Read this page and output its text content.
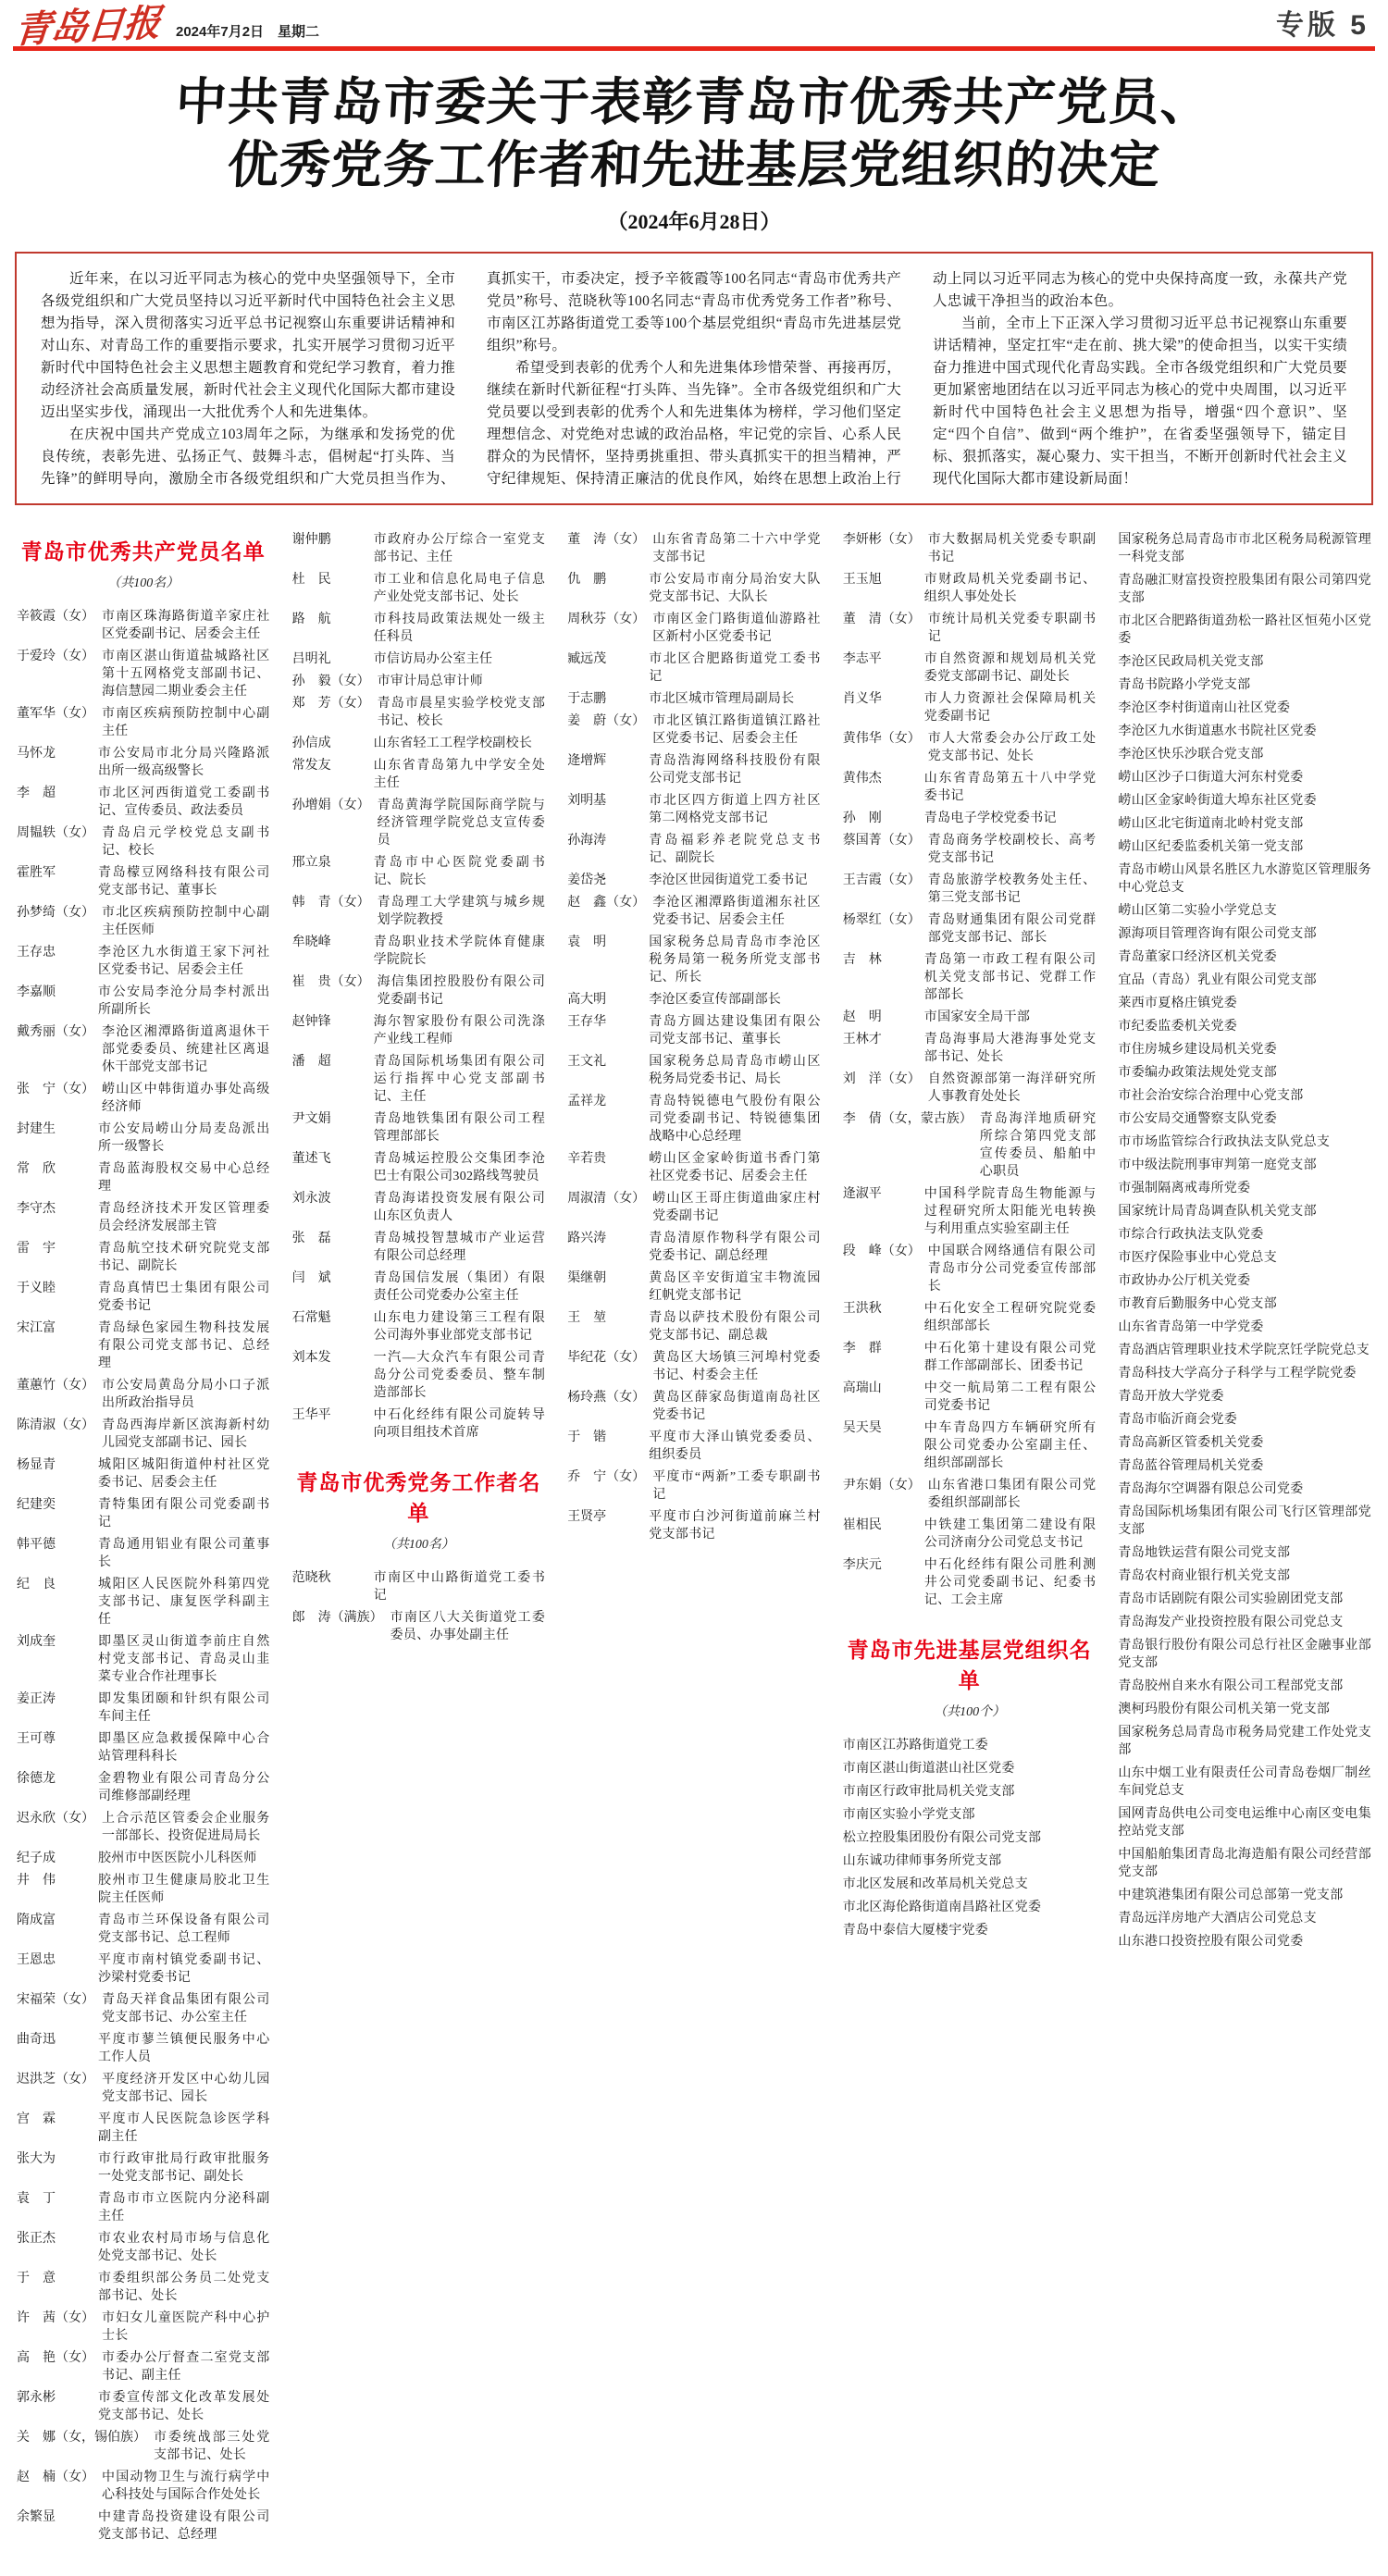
青岛日报 2024年7月2日　星期二	专版 5
中共青岛市委关于表彰青岛市优秀共产党员、
优秀党务工作者和先进基层党组织的决定
（2024年6月28日）

近年来，在以习近平同志为核心的党中央坚强领导下，全市各级党组织和广大党员坚持以习近平新时代中国特色社会主义思想为指导，深入贯彻落实习近平总书记视察山东重要讲话精神和对山东、对青岛工作的重要指示要求，扎实开展学习贯彻习近平新时代中国特色社会主义思想主题教育和党纪学习教育，着力推动经济社会高质量发展，新时代社会主义现代化国际大都市建设迈出坚实步伐，涌现出一大批优秀个人和先进集体。

在庆祝中国共产党成立103周年之际，为继承和发扬党的优良传统，表彰先进、弘扬正气、鼓舞斗志，倡树起“打头阵、当先锋”的鲜明导向，激励全市各级党组织和广大党员担当作为、真抓实干，市委决定，授予辛筱霞等100名同志“青岛市优秀共产党员”称号、范晓秋等100名同志“青岛市优秀党务工作者”称号、市南区江苏路街道党工委等100个基层党组织“青岛市先进基层党组织”称号。

希望受到表彰的优秀个人和先进集体珍惜荣誉、再接再厉，继续在新时代新征程“打头阵、当先锋”。全市各级党组织和广大党员要以受到表彰的优秀个人和先进集体为榜样，学习他们坚定理想信念、对党绝对忠诚的政治品格，牢记党的宗旨、心系人民群众的为民情怀，坚持勇挑重担、带头真抓实干的担当精神，严守纪律规矩、保持清正廉洁的优良作风，始终在思想上政治上行动上同以习近平同志为核心的党中央保持高度一致，永葆共产党人忠诚干净担当的政治本色。

当前，全市上下正深入学习贯彻习近平总书记视察山东重要讲话精神，坚定扛牢“走在前、挑大梁”的使命担当，以实干实绩奋力推进中国式现代化青岛实践。全市各级党组织和广大党员要更加紧密地团结在以习近平同志为核心的党中央周围，以习近平新时代中国特色社会主义思想为指导，增强“四个意识”、坚定“四个自信”、做到“两个维护”，在省委坚强领导下，锚定目标、狠抓落实，凝心聚力、实干担当，不断开创新时代社会主义现代化国际大都市建设新局面！

青岛市优秀共产党员名单
（共100名）
辛筱霞（女） 市南区珠海路街道辛家庄社区党委副书记、居委会主任
于爱玲（女） 市南区湛山街道盐城路社区第十五网格党支部副书记、海信慧园二期业委会主任
董军华（女） 市南区疾病预防控制中心副主任
马怀龙	市公安局市北分局兴隆路派出所一级高级警长
李　超	市北区河西街道党工委副书记、宣传委员、政法委员
周韫轶（女） 青岛启元学校党总支副书记、校长
霍胜军	青岛檬豆网络科技有限公司党支部书记、董事长
孙梦绮（女） 市北区疾病预防控制中心副主任医师
王存忠	李沧区九水街道王家下河社区党委书记、居委会主任
李嘉顺	市公安局李沧分局李村派出所副所长
戴秀丽（女） 李沧区湘潭路街道离退休干部党委委员、统建社区离退休干部党支部书记
张　宁（女） 崂山区中韩街道办事处高级经济师
封建生	市公安局崂山分局麦岛派出所一级警长
常　欣	青岛蓝海股权交易中心总经理
李守杰	青岛经济技术开发区管理委员会经济发展部主管
雷　宇	青岛航空技术研究院党支部书记、副院长
于义睦	青岛真情巴士集团有限公司党委书记
宋江富	青岛绿色家园生物科技发展有限公司党支部书记、总经理
董蕙竹（女） 市公安局黄岛分局小口子派出所政治指导员
陈清淑（女） 青岛西海岸新区滨海新村幼儿园党支部副书记、园长
杨显青	城阳区城阳街道仲村社区党委书记、居委会主任
纪建奕	青特集团有限公司党委副书记
韩平德	青岛通用铝业有限公司董事长
纪　良	城阳区人民医院外科第四党支部书记、康复医学科副主任
刘成奎	即墨区灵山街道李前庄自然村党支部书记、青岛灵山韭菜专业合作社理事长
姜正涛	即发集团颐和针织有限公司车间主任
王可尊	即墨区应急救援保障中心合站管理科科长
徐德龙	金碧物业有限公司青岛分公司维修部副经理
迟永欣（女） 上合示范区管委会企业服务一部部长、投资促进局局长
纪子成	胶州市中医医院小儿科医师
井　伟	胶州市卫生健康局胶北卫生院主任医师
隋成富	青岛市兰环保设备有限公司党支部书记、总工程师
王恩忠	平度市南村镇党委副书记、沙梁村党委书记
宋福荣（女） 青岛天祥食品集团有限公司党支部书记、办公室主任
曲奇迅	平度市蓼兰镇便民服务中心工作人员
迟洪芝（女） 平度经济开发区中心幼儿园党支部书记、园长
宫　霖	平度市人民医院急诊医学科副主任
张大为	市行政审批局行政审批服务一处党支部书记、副处长
袁　丁	青岛市市立医院内分泌科副主任
张正杰	市农业农村局市场与信息化处党支部书记、处长
于　意	市委组织部公务员二处党支部书记、处长
许　茜（女） 市妇女儿童医院产科中心护士长
高　艳（女） 市委办公厅督查二室党支部书记、副主任
郭永彬	市委宣传部文化改革发展处党支部书记、处长
关　娜（女，锡伯族） 市委统战部三处党支部书记、处长
赵　楠（女） 中国动物卫生与流行病学中心科技处与国际合作处处长
余繁显	中建青岛投资建设有限公司党支部书记、总经理
谢仲鹏	市政府办公厅综合一室党支部书记、主任
杜　民	市工业和信息化局电子信息产业处党支部书记、处长
路　航	市科技局政策法规处一级主任科员
吕明礼	市信访局办公室主任
孙　毅（女） 市审计局总审计师
郑　芳（女） 青岛市晨星实验学校党支部书记、校长
孙信成	山东省轻工工程学校副校长
常发友	山东省青岛第九中学安全处主任
孙增娟（女） 青岛黄海学院国际商学院与经济管理学院党总支宣传委员
邢立泉	青岛市中心医院党委副书记、院长
韩　青（女） 青岛理工大学建筑与城乡规划学院教授
牟晓峰	青岛职业技术学院体育健康学院院长
崔　贵（女） 海信集团控股股份有限公司党委副书记
赵钟锋	海尔智家股份有限公司洗涤产业线工程师
潘　超	青岛国际机场集团有限公司运行指挥中心党支部副书记、主任
尹文娟	青岛地铁集团有限公司工程管理部部长
董述飞	青岛城运控股公交集团李沧巴士有限公司302路线驾驶员
刘永波	青岛海诺投资发展有限公司山东区负责人
张　磊	青岛城投智慧城市产业运营有限公司总经理
闫　斌	青岛国信发展（集团）有限责任公司党委办公室主任
石常魁	山东电力建设第三工程有限公司海外事业部党支部书记
刘本发	一汽—大众汽车有限公司青岛分公司党委委员、整车制造部部长
王华平	中石化经纬有限公司旋转导向项目组技术首席
青岛市优秀党务工作者名单
（共100名）
范晓秋	市南区中山路街道党工委书记
郎　涛（满族） 市南区八大关街道党工委委员、办事处副主任
董　涛（女） 山东省青岛第二十六中学党支部书记
仇　鹏	市公安局市南分局治安大队党支部书记、大队长
周秋芬（女） 市南区金门路街道仙游路社区新村小区党委书记
臧远茂	市北区合肥路街道党工委书记
于志鹏	市北区城市管理局副局长
姜　蔚（女） 市北区镇江路街道镇江路社区党委书记、居委会主任
逄增辉	青岛浩海网络科技股份有限公司党支部书记
刘明基	市北区四方街道上四方社区第二网格党支部书记
孙海涛	青岛福彩养老院党总支书记、副院长
姜岱尧	李沧区世园街道党工委书记
赵　鑫（女） 李沧区湘潭路街道湘东社区党委书记、居委会主任
袁　明	国家税务总局青岛市李沧区税务局第一税务所党支部书记、所长
高大明	李沧区委宣传部副部长
王存华	青岛方圆达建设集团有限公司党支部书记、董事长
王文礼	国家税务总局青岛市崂山区税务局党委书记、局长
孟祥龙	青岛特锐德电气股份有限公司党委副书记、特锐德集团战略中心总经理
辛若贵	崂山区金家岭街道书香门第社区党委书记、居委会主任
周淑清（女） 崂山区王哥庄街道曲家庄村党委副书记
路兴涛	青岛清原作物科学有限公司党委书记、副总经理
渠继朝	黄岛区辛安街道宝丰物流园红帆党支部书记
王　堃	青岛以萨技术股份有限公司党支部书记、副总裁
毕纪花（女） 黄岛区大场镇三河埠村党委书记、村委会主任
杨玲燕（女） 黄岛区薛家岛街道南岛社区党委书记
于　锴	平度市大泽山镇党委委员、组织委员
乔　宁（女） 平度市“两新”工委专职副书记
王贤亭	平度市白沙河街道前麻兰村党支部书记
李妍彬（女） 市大数据局机关党委专职副书记
王玉旭	市财政局机关党委副书记、组织人事处处长
董　清（女） 市统计局机关党委专职副书记
李志平	市自然资源和规划局机关党委党支部副书记、副处长
肖义华	市人力资源社会保障局机关党委副书记
黄伟华（女） 市人大常委会办公厅政工处党支部书记、处长
黄伟杰	山东省青岛第五十八中学党委书记
孙　刚	青岛电子学校党委书记
蔡国菁（女） 青岛商务学校副校长、高考党支部书记
王吉霞（女） 青岛旅游学校教务处主任、第三党支部书记
杨翠红（女） 青岛财通集团有限公司党群部党支部书记、部长
吉　林	青岛第一市政工程有限公司机关党支部书记、党群工作部部长
赵　明	市国家安全局干部
王林才	青岛海事局大港海事处党支部书记、处长
刘　洋（女） 自然资源部第一海洋研究所人事教育处处长
李　倩（女，蒙古族） 青岛海洋地质研究所综合第四党支部宣传委员、船舶中心职员
逄淑平	中国科学院青岛生物能源与过程研究所太阳能光电转换与利用重点实验室副主任
段　峰（女） 中国联合网络通信有限公司青岛市分公司党委宣传部部长
王洪秋	中石化安全工程研究院党委组织部部长
李　群	中石化第十建设有限公司党群工作部副部长、团委书记
高瑞山	中交一航局第二工程有限公司党委书记
吴天昊	中车青岛四方车辆研究所有限公司党委办公室副主任、组织部副部长
尹东娟（女） 山东省港口集团有限公司党委组织部副部长
崔相民	中铁建工集团第二建设有限公司济南分公司党总支书记
李庆元	中石化经纬有限公司胜利测井公司党委副书记、纪委书记、工会主席
青岛市先进基层党组织名单
（共100个）
市南区江苏路街道党工委
市南区湛山街道湛山社区党委
市南区行政审批局机关党支部
市南区实验小学党支部
松立控股集团股份有限公司党支部
山东诚功律师事务所党支部
市北区发展和改革局机关党总支
市北区海伦路街道南昌路社区党委
青岛中泰信大厦楼宇党委
国家税务总局青岛市市北区税务局税源管理一科党支部
青岛融汇财富投资控股集团有限公司第四党支部
市北区合肥路街道劲松一路社区恒苑小区党委
李沧区民政局机关党支部
青岛书院路小学党支部
李沧区李村街道南山社区党委
李沧区九水街道惠水书院社区党委
李沧区快乐沙联合党支部
崂山区沙子口街道大河东村党委
崂山区金家岭街道大埠东社区党委
崂山区北宅街道南北岭村党支部
崂山区纪委监委机关第一党支部
青岛市崂山风景名胜区九水游览区管理服务中心党总支
崂山区第二实验小学党总支
源海项目管理咨询有限公司党支部
青岛董家口经济区机关党委
宜品（青岛）乳业有限公司党支部
莱西市夏格庄镇党委
市纪委监委机关党委
市住房城乡建设局机关党委
市委编办政策法规处党支部
市社会治安综合治理中心党支部
市公安局交通警察支队党委
市市场监管综合行政执法支队党总支
市中级法院刑事审判第一庭党支部
市强制隔离戒毒所党委
国家统计局青岛调查队机关党支部
市综合行政执法支队党委
市医疗保险事业中心党总支
市政协办公厅机关党委
市教育后勤服务中心党支部
山东省青岛第一中学党委
青岛酒店管理职业技术学院烹饪学院党总支
青岛科技大学高分子科学与工程学院党委
青岛开放大学党委
青岛市临沂商会党委
青岛高新区管委机关党委
青岛蓝谷管理局机关党委
青岛海尔空调器有限总公司党委
青岛国际机场集团有限公司飞行区管理部党支部
青岛地铁运营有限公司党支部
青岛农村商业银行机关党支部
青岛市话剧院有限公司实验剧团党支部
青岛海发产业投资控股有限公司党总支
青岛银行股份有限公司总行社区金融事业部党支部
青岛胶州自来水有限公司工程部党支部
澳柯玛股份有限公司机关第一党支部
国家税务总局青岛市税务局党建工作处党支部
山东中烟工业有限责任公司青岛卷烟厂制丝车间党总支
国网青岛供电公司变电运维中心南区变电集控站党支部
中国船舶集团青岛北海造船有限公司经营部党支部
中建筑港集团有限公司总部第一党支部
青岛远洋房地产大酒店公司党总支
山东港口投资控股有限公司党委
